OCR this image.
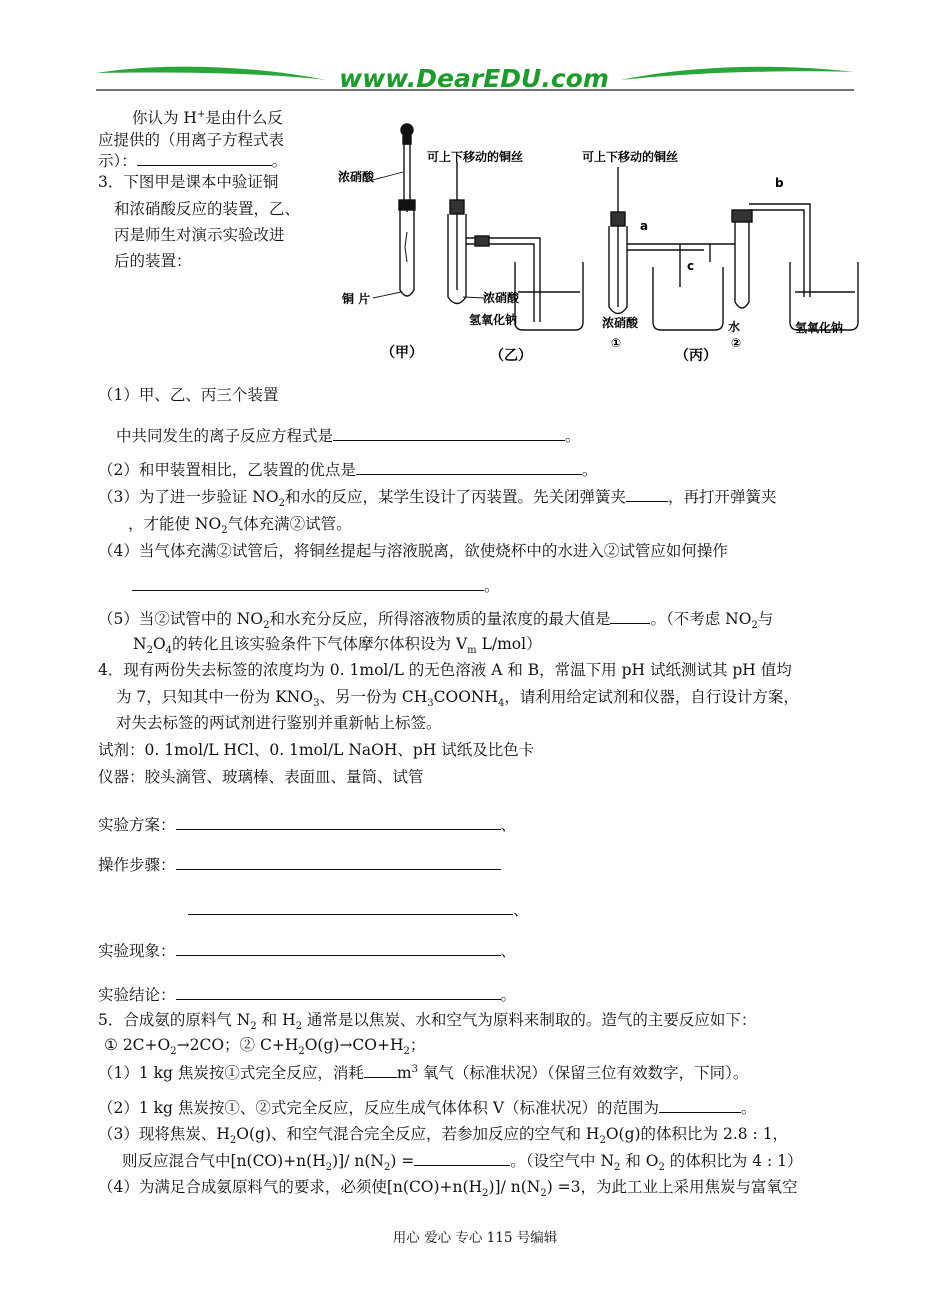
www.DearEDU.com
你认为 H+是由什么反
应提供的（用离子方程式表
示）：	。
3．下图甲是课本中验证铜
和浓硝酸反应的装置，乙、
丙是师生对演示实验改进
后的装置：
浓硝酸
铜 片
（甲）
可上下移动的铜丝
浓硝酸
氢氧化钠
（乙）
可上下移动的铜丝
a
b
c
浓硝酸
①
水
②
氢氧化钠
（丙）
（1）甲、乙、丙三个装置
中共同发生的离子反应方程式是	。
（2）和甲装置相比，乙装置的优点是	。
（3）为了进一步验证 $NO_2$和水的反应，某学生设计了丙装置。先关闭弹簧夹	，再打开弹簧夹
，才能使 $NO_2$气体充满②试管。
（4）当气体充满②试管后，将铜丝提起与溶液脱离，欲使烧杯中的水进入②试管应如何操作
。
（5）当②试管中的 $NO_2$和水充分反应，所得溶液物质的量浓度的最大值是	。（不考虑 $NO_2$与
$N_2O_4$的转化且该实验条件下气体摩尔体积设为 $V_m$ L/mol）
4．现有两份失去标签的浓度均为 0. 1mol/L 的无色溶液 A 和 B，常温下用 pH 试纸测试其 pH 值均
为 7，只知其中一份为 $KNO_3$、另一份为 $CH_3COONH_4$，请利用给定试剂和仪器，自行设计方案，
对失去标签的两试剂进行鉴别并重新帖上标签。
试剂：0. 1mol/L HCl、0. 1mol/L NaOH、pH 试纸及比色卡
仪器：胶头滴管、玻璃棒、表面皿、量筒、试管
实验方案：	、
操作步骤：
、
实验现象：	、
实验结论：	。
5．合成氨的原料气 $N_2$ 和 $H_2$ 通常是以焦炭、水和空气为原料来制取的。造气的主要反应如下：
① $2C+O_2\to 2CO$；② $C+H_2O(g)\to CO+H_2$；
（1）1 kg 焦炭按①式完全反应，消耗 $m^3$ 氧气（标准状况）（保留三位有效数字，下同）。
（2）1 kg 焦炭按①、②式完全反应，反应生成气体体积 V（标准状况）的范围为	。
（3）现将焦炭、$H_2O(g)$、和空气混合完全反应，若参加反应的空气和 $H_2O(g)$的体积比为 2.8 : 1，
则反应混合气中$[n(CO)+n(H_2)]/$ $n(N_2)$ =	。（设空气中 $N_2$ 和 $O_2$ 的体积比为 4 : 1）
（4）为满足合成氨原料气的要求，必须使$[n(CO)+n(H_2)]/$ $n(N_2) =3$，为此工业上采用焦炭与富氧空
用心 爱心 专心 115 号编辑
